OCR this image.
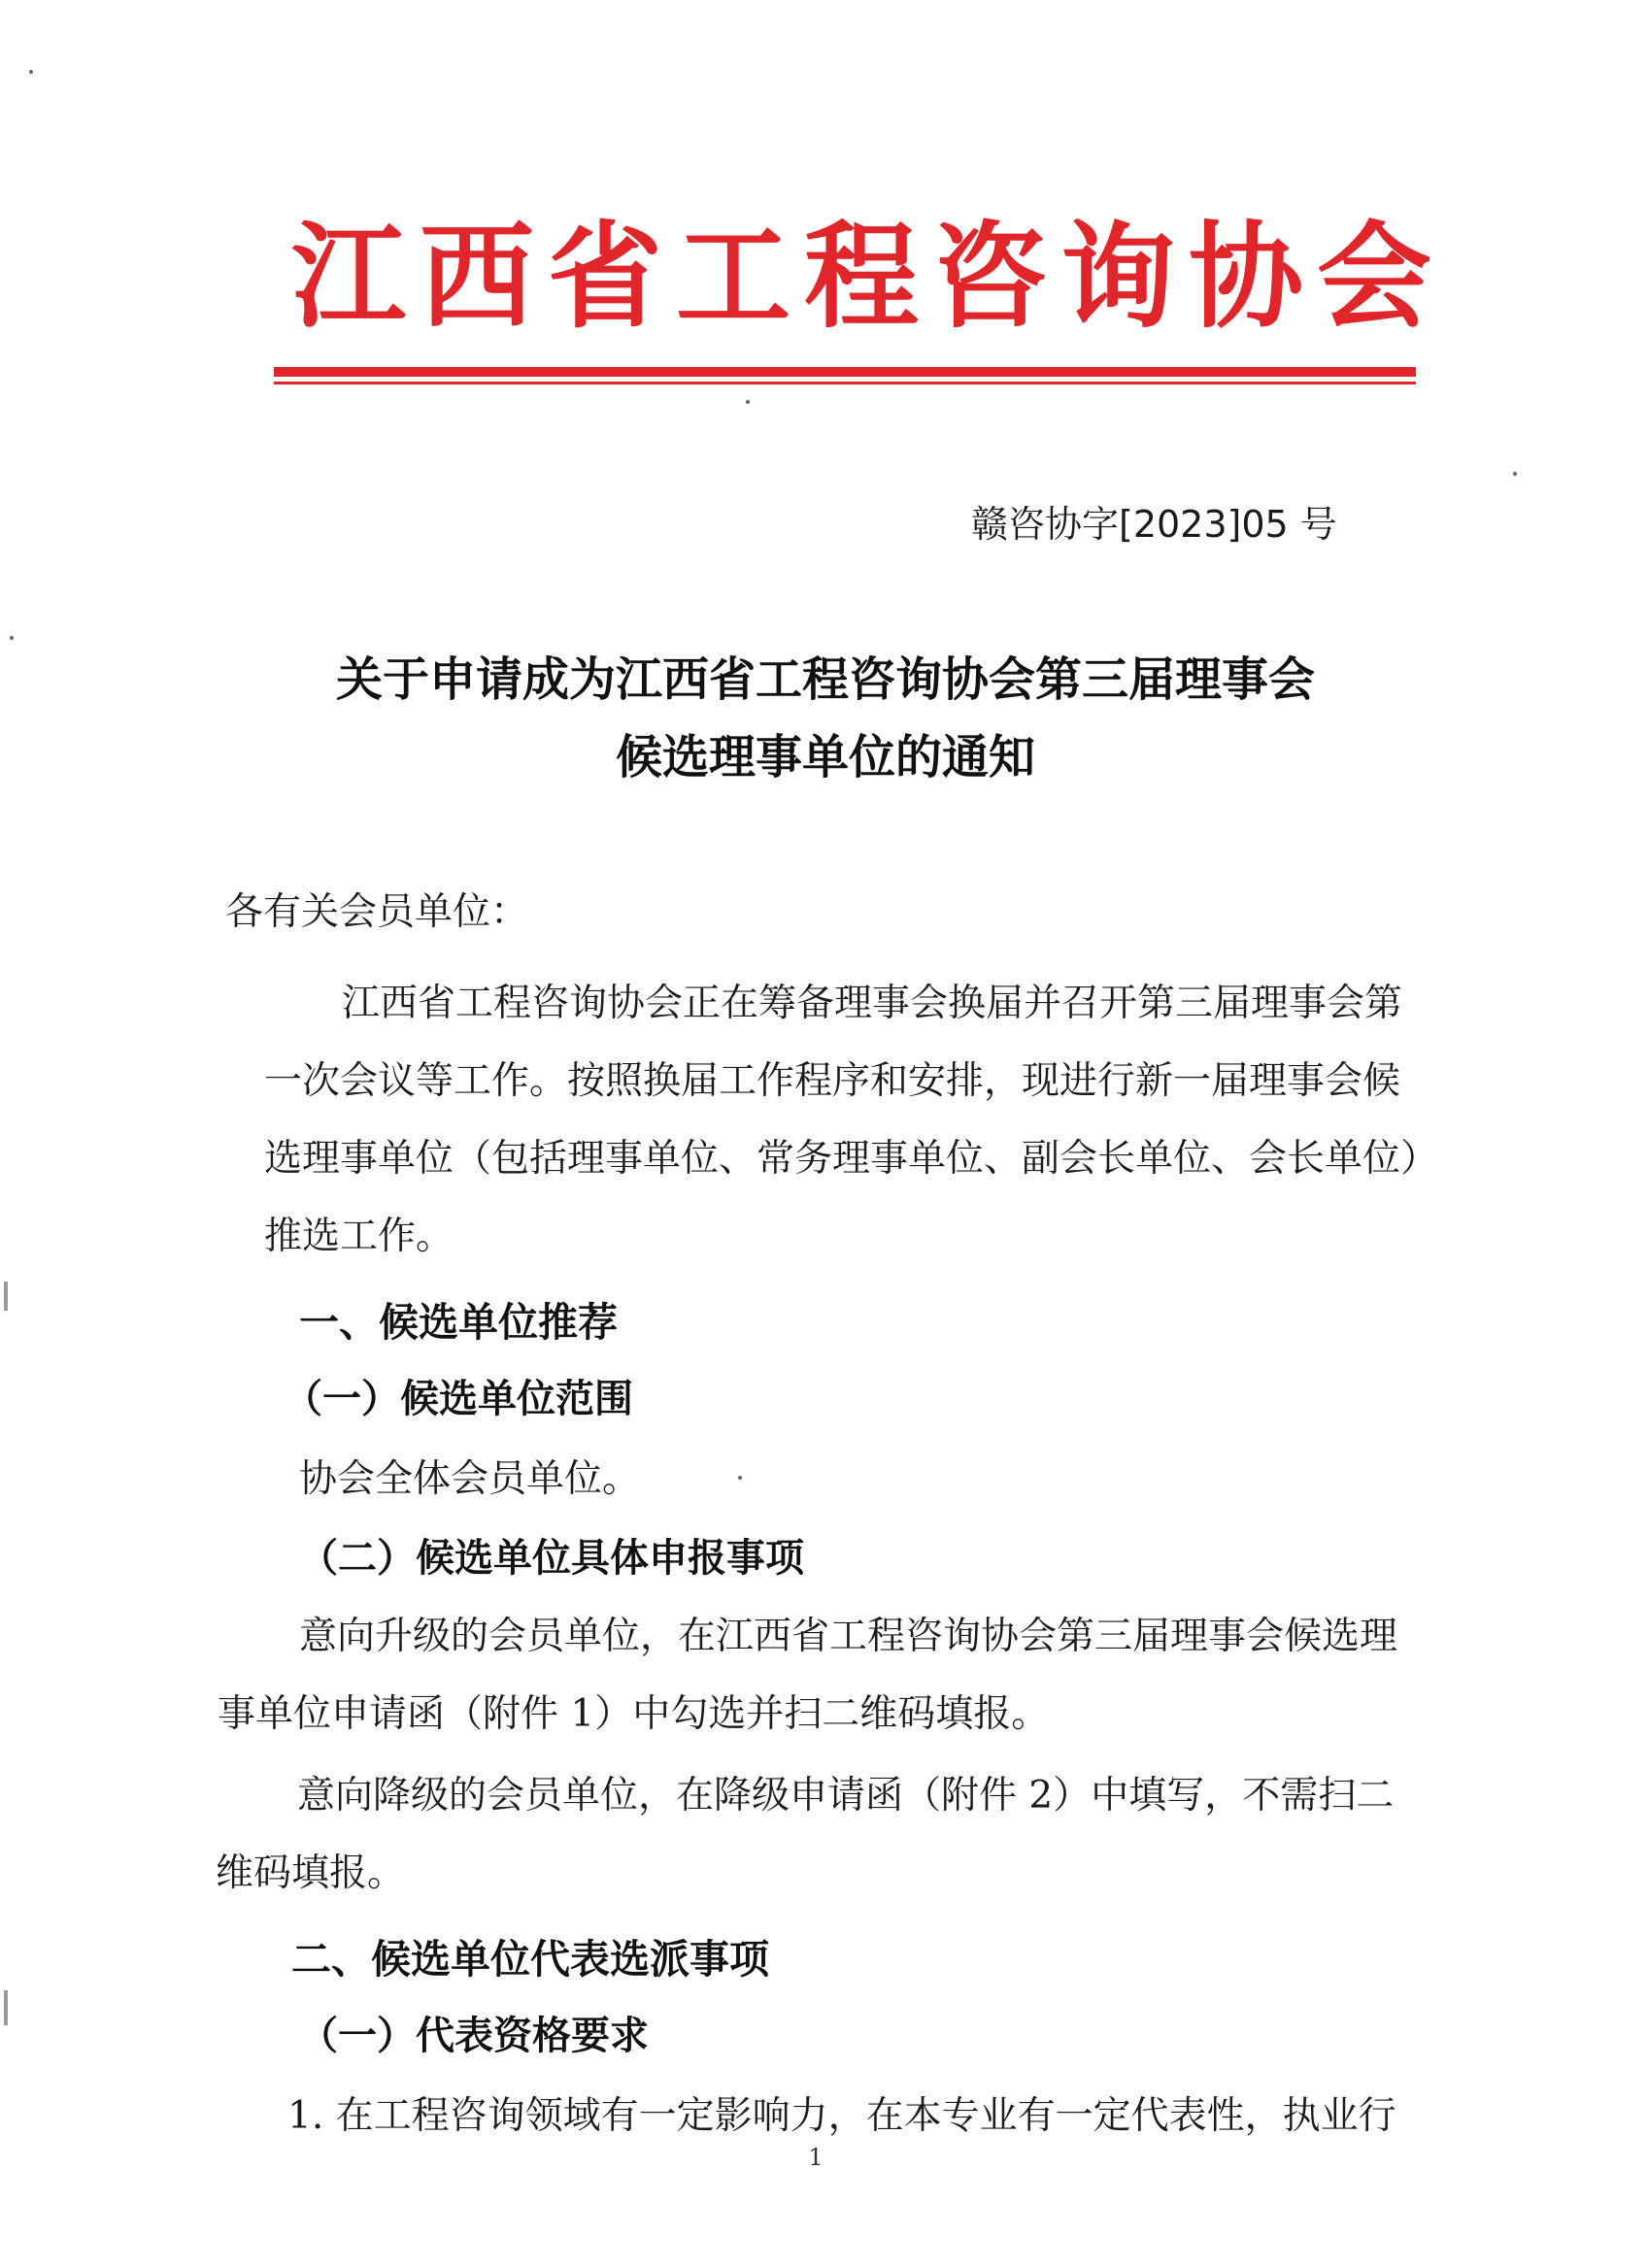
江西省工程咨询协会
赣咨协字[2023]05 号
关于申请成为江西省工程咨询协会第三届理事会
候选理事单位的通知
各有关会员单位：
江西省工程咨询协会正在筹备理事会换届并召开第三届理事会第
一次会议等工作。按照换届工作程序和安排，现进行新一届理事会候
选理事单位（包括理事单位、常务理事单位、副会长单位、会长单位）
推选工作。
一、候选单位推荐
（一）候选单位范围
协会全体会员单位。
（二）候选单位具体申报事项
意向升级的会员单位，在江西省工程咨询协会第三届理事会候选理
事单位申请函（附件 1）中勾选并扫二维码填报。
意向降级的会员单位，在降级申请函（附件 2）中填写，不需扫二
维码填报。
二、候选单位代表选派事项
（一）代表资格要求
1. 在工程咨询领域有一定影响力，在本专业有一定代表性，执业行
1
